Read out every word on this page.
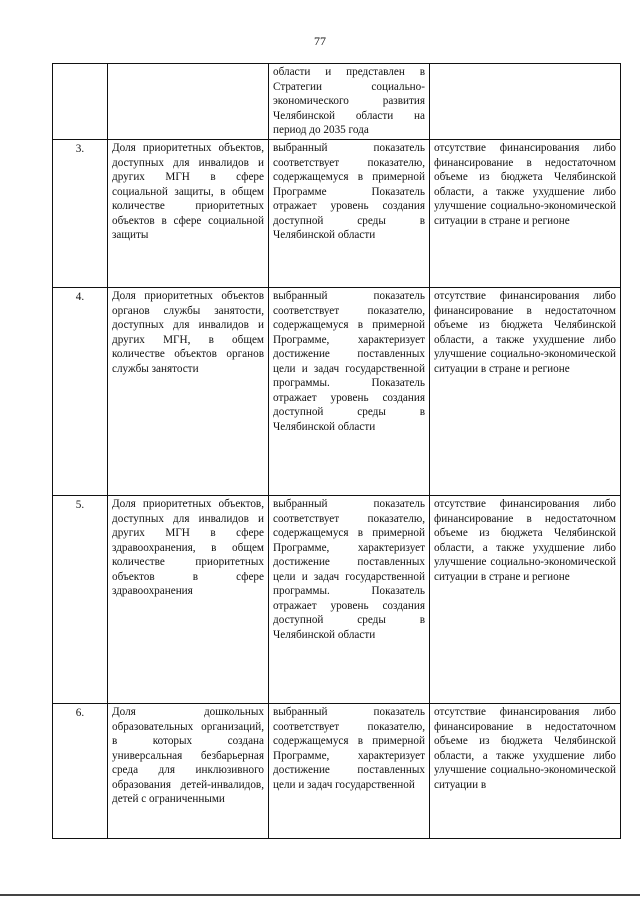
77
		области и представлен в Стратегии социально-экономического развития Челябинской области на период до 2035 года	
3.	Доля приоритетных объектов, доступных для инвалидов и других МГН в сфере социальной защиты, в общем количестве приоритетных объектов в сфере социальной защиты	выбранный показатель соответствует показателю, содержащемуся в примерной Программе Показатель отражает уровень создания доступной среды в Челябинской области	отсутствие финансирования либо финансирование в недостаточном объеме из бюджета Челябинской области, а также ухудшение либо улучшение социально-экономической ситуации в стране и регионе
4.	Доля приоритетных объектов органов службы занятости, доступных для инвалидов и других МГН, в общем количестве объектов органов службы занятости	выбранный показатель соответствует показателю, содержащемуся в примерной Программе, характеризует достижение поставленных цели и задач государственной программы. Показатель отражает уровень создания доступной среды в Челябинской области	отсутствие финансирования либо финансирование в недостаточном объеме из бюджета Челябинской области, а также ухудшение либо улучшение социально-экономической ситуации в стране и регионе
5.	Доля приоритетных объектов, доступных для инвалидов и других МГН в сфере здравоохранения, в общем количестве приоритетных объектов в сфере здравоохранения	выбранный показатель соответствует показателю, содержащемуся в примерной Программе, характеризует достижение поставленных цели и задач государственной программы. Показатель отражает уровень создания доступной среды в Челябинской области	отсутствие финансирования либо финансирование в недостаточном объеме из бюджета Челябинской области, а также ухудшение либо улучшение социально-экономической ситуации в стране и регионе
6.	Доля дошкольных образовательных организаций, в которых создана универсальная безбарьерная среда для инклюзивного образования детей-инвалидов, детей с ограниченными	выбранный показатель соответствует показателю, содержащемуся в примерной Программе, характеризует достижение поставленных цели и задач государственной	отсутствие финансирования либо финансирование в недостаточном объеме из бюджета Челябинской области, а также ухудшение либо улучшение социально-экономической ситуации в
